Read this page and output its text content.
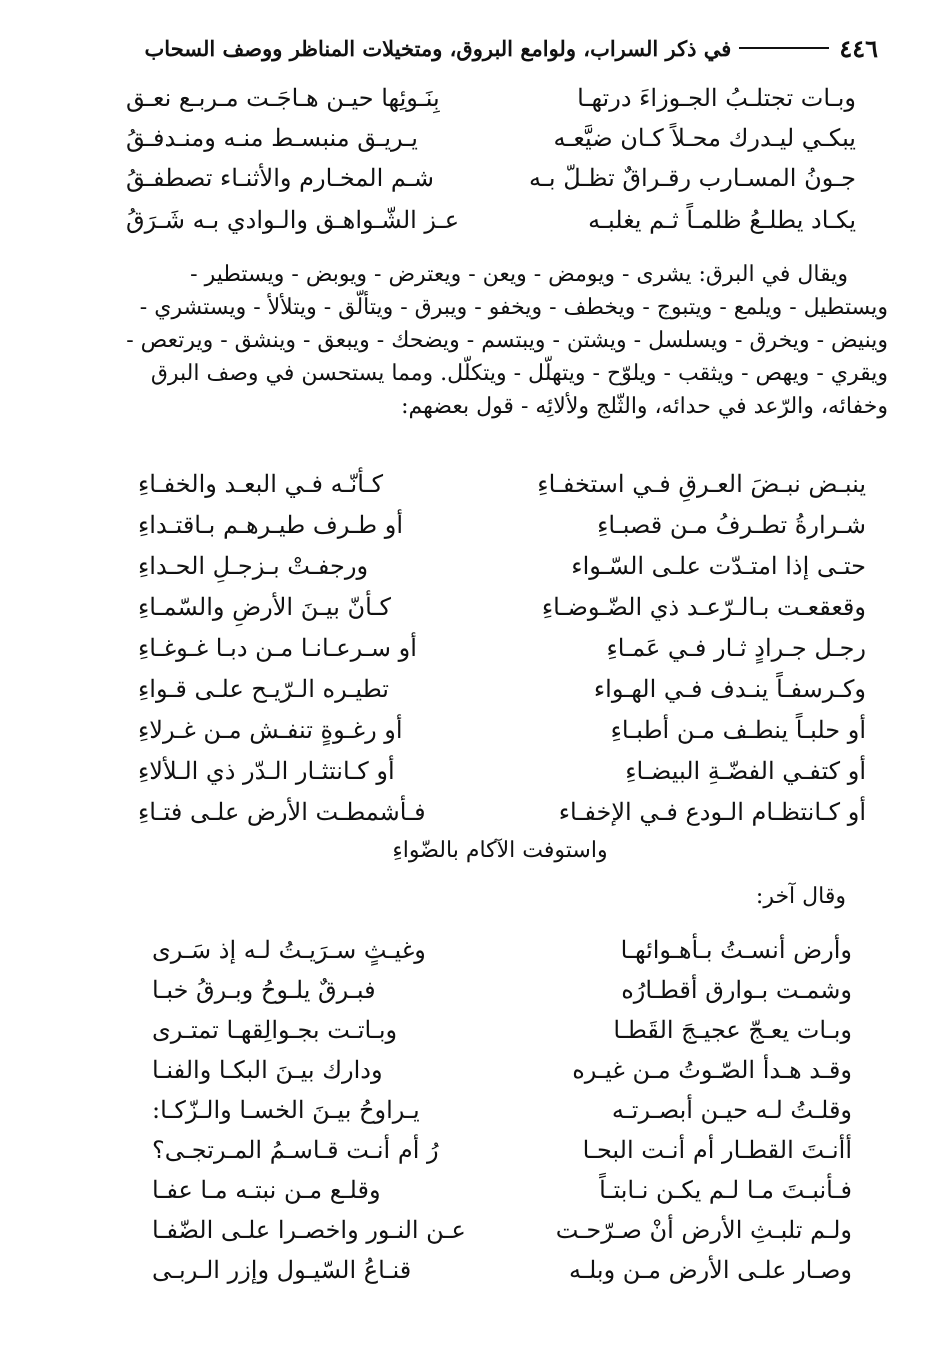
٤٤٦
في ذكر السراب، ولوامع البروق، ومتخيلات المناظر ووصف السحاب
وبـات تجتلـبُ الجـوزاءَ درتهـا
بِنَـوئِها حيـن هـاجَـت مـربـع نعـق
يبكـي ليـدرك محـلاً كـان ضيَّعـه
يـريـق منبسـط منـه ومنـدفـقُ
جـونُ المسـارب رقـراقٌ تظـلّ بـه
شـم المخـارم والأثنـاء تصطفـقُ
يكـاد يطلـعُ ظلمـاً ثـم يغلبـه
عـز الشّـواهـق والـوادي بـه شَـرَقُ
ويقال في البرق: يشرى - ويومض - ويعن - ويعترض - ويوبض - ويستطير -
ويستطيل - ويلمع - ويتبوج - ويخطف - ويخفو - ويبرق - ويتألّق - ويتلألأ - ويستشري -
وينيض - ويخرق - ويسلسل - ويشتن - ويبتسم - ويضحك - ويبعق - وينشق - ويرتعص -
ويقري - ويهص - ويثقب - ويلوّح - ويتهلّل - ويتكلّل. ومما يستحسن في وصف البرق
وخفائه، والرّعد في حدائه، والثّلج ولألائِه - قول بعضهم:
ينبـض نبـضَ العـرقِ فـي استخفـاءِ
كـأنّـه فـي البعـد والخفـاءِ
شـرارةُ تطـرفُ مـن قصبـاءِ
أو طـرف طيـرهـم بـاقتـداءِ
حتـى إذا امتـدّت علـى السّـواء
ورجفـتْ بـزجـلِ الحـداءِ
وقعقعـت بـالـرّعـد ذي الضّـوضـاءِ
كـأنّ بيـنَ الأرضِ والسّمـاءِ
رجـل جـرادٍ ثـار فـي عَمـاءِ
أو سـرعـانـا مـن دبـا غـوغـاءِ
وكـرسفـاً ينـدف فـي الهـواء
تطيـره الـرّيـح علـى قـواءِ
أو حلبـاً ينطـف مـن أطبـاءِ
أو رغـوةٍ تنفـش مـن غـرلاءِ
أو كتفـي الفضّـةِ البيضـاءِ
أو كـانتثـار الـدّر ذي الـلألاءِ
أو كـانتظـام الـودع فـي الإخفـاء
فـأشمطـت الأرض علـى فتـاءِ
واستوفت الآكام بالضّواءِ
وقال آخر:
وأرض أنسـتُ بـأهـوائهـا
وغيـثٍ سـرَيـتُ لـه إذ سَـرى
وشمـت بـوارق أقطـارُه
فبـرقٌ يلـوحُ وبـرقُ خبـا
وبـات يعـجّ عجيـجَ القَطـا
وبـاتـت بجـوالِقهـا تمتـرى
وقـد هـدأ الصّـوتُ مـن غيـره
ودارك بيـنَ البكـا والفنـا
وقلـتُ لـه حيـن أبصـرتـه
يـراوحُ بيـنَ الخسـا والـزّكـا:
أأنـتَ القطـار أم أنـت البحـا
رُ أم أنـت قـاسـمُ المـرتجـى؟
فـأنبـتَ مـا لـم يكـن نـابتـاً
وقلـع مـن نبتـه مـا عفـا
ولـم تلبـثِ الأرض أنْ صـرّحـت
عـن النـور واخصـرا علـى الضّفـا
وصـار علـى الأرض مـن وبلـه
قنـاعُ السّيـول وإزر الـربـى
